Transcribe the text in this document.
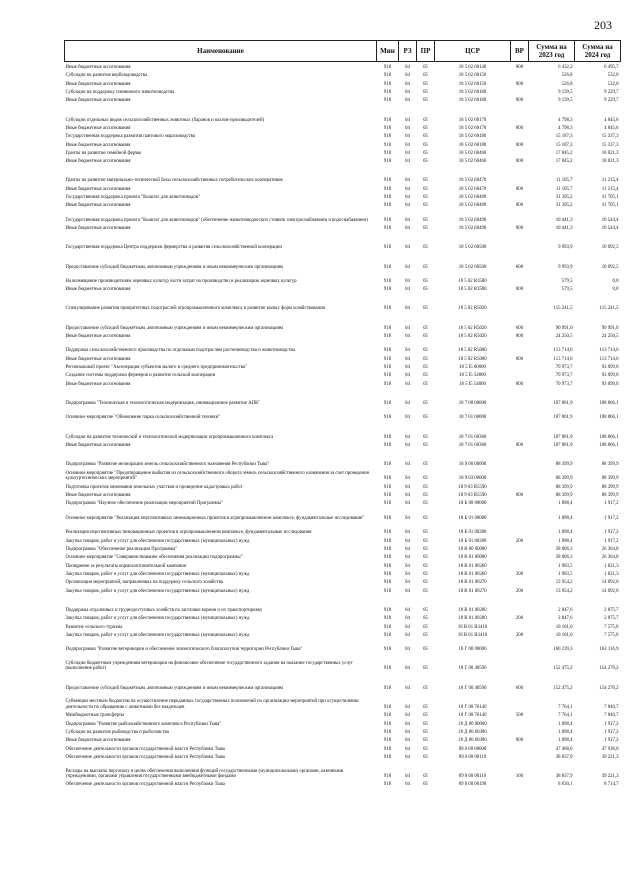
203
Наименование	Мин	РЗ	ПР	ЦСР	ВР	Сумма на 2023 год	Сумма на 2024 год
Иные бюджетные ассигнования	918	04	05	18 5 02 60140	800	6 432,2	6 495,7
Субсидии на развитие верблюдоводства	918	04	05	18 5 02 60150		526,8	532,0
Иные бюджетные ассигнования	918	04	05	18 5 02 60150	800	526,8	532,0
Субсидии на поддержку племенного животноводства	918	04	05	18 5 02 60160		9 139,5	9 229,7
Иные бюджетные ассигнования	918	04	05	18 5 02 60160	800	9 139,5	9 229,7
Субсидии отдельных видов сельскохозяйственных животных (баранов и козлов-производителей)	918	04	05	18 5 02 60170		4 798,3	4 845,6
Иные бюджетные ассигнования	918	04	05	18 5 02 60170	800	4 798,3	4 845,6
Государственная поддержка развития пантового мараловодства	918	04	05	18 5 02 60180		15 187,3	15 337,3
Иные бюджетные ассигнования	918	04	05	18 5 02 60180	800	15 187,3	15 337,3
Гранты на развитие семейной фермы	918	04	05	18 5 02 60460		17 845,2	18 021,3
Иные бюджетные ассигнования	918	04	05	18 5 02 60460	800	17 845,2	18 021,3
Гранты на развитие материально-технической базы сельскохозяйственных потребительских кооперативов	918	04	05	18 5 02 60470		11 105,7	11 215,4
Иные бюджетные ассигнования	918	04	05	18 5 02 60470	800	11 105,7	11 215,4
Государственная поддержка проекта "Кыштаг для животноводов"	918	04	05	18 5 02 60480		31 395,2	31 705,1
Иные бюджетные ассигнования	918	04	05	18 5 02 60480	800	31 395,2	31 705,1
Государственная поддержка проекта "Кыштаг для животноводов" (обеспечение животноводческих стоянок электроснабжением и водоснабжением)	918	04	05	18 5 02 60490		10 441,3	10 544,4
Иные бюджетные ассигнования	918	04	05	18 5 02 60490	800	10 441,3	10 544,4
Государственная поддержка Центра поддержки фермерства и развития сельскохозяйственной кооперации	918	04	05	18 5 02 60500		9 993,9	10 092,5
Предоставление субсидий бюджетным, автономным учреждениям и иным некоммерческим организациям	918	04	05	18 5 02 60500	600	9 993,9	10 092,5
На возмещение производителям зерновых культур части затрат на производство и реализацию зерновых культур	918	04	05	18 5 02 R3580		579,5	0,0
Иные бюджетные ассигнования	918	04	05	18 5 02 R3580	800	579,5	0,0
Стимулирование развития приоритетных подотраслей агропромышленного комплекса и развитие малых форм хозяйствования	918	04	05	18 5 02 R5020		115 241,5	115 241,5
Предоставление субсидий бюджетным, автономным учреждениям и иным некоммерческим организациям	918	04	05	18 5 02 R5020	600	90 991,0	90 991,0
Иные бюджетные ассигнования	918	04	05	18 5 02 R5020	800	24 250,5	24 250,5
Поддержка сельскохозяйственного производства по отдельным подотраслям растениеводства и животноводства	918	04	05	18 5 02 R5080		113 714,6	113 714,6
Иные бюджетные ассигнования	918	04	05	18 5 02 R5080	800	113 714,6	113 714,6
Региональный проект "Акселерация субъектов малого и среднего предпринимательства"	918	04	05	18 5 I5 00000		70 973,7	93 099,0
Создание системы поддержки фермеров и развитие сельской кооперации	918	04	05	18 5 I5 54800		70 973,7	93 099,0
Иные бюджетные ассигнования	918	04	05	18 5 I5 54800	800	70 973,7	93 099,0
Подпрограмма "Техническая и технологическая модернизация, инновационное развитие АПК"	918	04	05	18 7 00 00000		107 801,9	108 866,1
Основное мероприятие "Обновление парка сельскохозяйственной техники"	918	04	05	18 7 01 00000		107 801,9	108 866,1
Субсидии на развитие технической и технологической модернизации агропромышленного комплекса	918	04	05	18 7 01 60360		107 801,9	108 866,1
Иные бюджетные ассигнования	918	04	05	18 7 01 60360	800	107 801,9	108 866,1
Подпрограмма "Развитие мелиорации земель сельскохозяйственного назначения Республики Тыва"	918	04	05	18 9 00 00000		88 399,9	88 399,9
Основное мероприятие "Предотвращение выбытия из сельскохозяйственного оборота земель сельскохозяйственного назначения за счет проведения культуртехнических мероприятий"	918	04	05	18 9 03 00000		88 399,9	88 399,9
Подготовка проектов межевания земельных участков и проведение кадастровых работ	918	04	05	18 9 03 R5590		88 399,9	88 399,9
Иные бюджетные ассигнования	918	04	05	18 9 03 R5590	800	88 399,9	88 399,9
Подпрограмма "Научное обеспечение реализации мероприятий Программы"	918	04	05	18 Б 00 00000		1 898,4	1 917,2
Основное мероприятие "Реализация перспективных инновационных проектов в агропромышленном комплексе, фундаментальные исследования"	918	04	05	18 Б 01 00000		1 898,4	1 917,2
Реализация перспективных инновационных проектов в агропромышленном комплексе, фундаментальные исследования	918	04	05	18 Б 01 00280		1 898,4	1 917,2
Закупка товаров, работ и услуг для обеспечения государственных (муниципальных) нужд	918	04	05	18 Б 01 00280	200	1 898,4	1 917,2
Подпрограмма "Обеспечение реализации Программы"	918	04	05	18 В 00 00000		28 806,3	26 364,8
Основное мероприятие "Совершенствование обеспечения реализации подпрограммы"	918	04	05	18 В 01 00000		28 806,3	26 364,8
Поощрение за результаты кормозаготовительной кампании	918	04	05	18 В 01 00260		1 903,5	1 821,3
Закупка товаров, работ и услуг для обеспечения государственных (муниципальных) нужд	918	04	05	18 В 01 00260	200	1 903,5	1 821,3
Организация мероприятий, направленных на поддержку сельского хозяйства	918	04	05	18 В 01 00270		13 954,2	14 092,0
Закупка товаров, работ и услуг для обеспечения государственных (муниципальных) нужд	918	04	05	18 В 01 00270	200	13 954,2	14 092,0
Поддержка отдаленных и труднодоступных хозяйств по заготовке кормов и их транспортировку	918	04	05	18 В 01 00280		2 847,6	2 875,7
Закупка товаров, работ и услуг для обеспечения государственных (муниципальных) нужд	918	04	05	18 В 01 00280	200	2 847,6	2 875,7
Развитие сельского туризма	918	04	05	18 В 01 R3410		10 101,0	7 575,8
Закупка товаров, работ и услуг для обеспечения государственных (муниципальных) нужд	918	04	05	18 В 01 R3410	200	10 101,0	7 575,8
Подпрограмма "Развитие ветеринарии и обеспечение эпизоотического благополучия территории Республики Тыва"	918	04	05	18 Г 00 00000		160 239,3	162 116,9
Субсидии бюджетным учреждениям ветеринарии на финансовое обеспечение государственного задания на оказание государственных услуг (выполнение работ)	918	04	05	18 Г 00 40590		152 475,2	154 276,2
Предоставление субсидий бюджетным, автономным учреждениям и иным некоммерческим организациям	918	04	05	18 Г 00 40590	600	152 475,2	154 276,2
Субвенции местным бюджетам на осуществление переданных государственных полномочий по организации мероприятий при осуществлении деятельности по обращению с животными без владельцев	918	04	05	18 Г 00 76140		7 764,1	7 840,7
Межбюджетные трансферты	918	04	05	18 Г 00 76140	500	7 764,1	7 840,7
Подпрограмма "Развитие рыбохозяйственного комплекса Республики Тыва"	918	04	05	18 Д 00 00000		1 898,4	1 917,2
Субсидии на развитие рыбоводства и рыболовства	918	04	05	18 Д 00 60380		1 898,4	1 917,2
Иные бюджетные ассигнования	918	04	05	18 Д 00 60380	800	1 898,4	1 917,2
Обеспечение деятельности органов государственной власти Республики Тыва	918	04	05	89 0 00 00000		47 468,0	47 936,0
Обеспечение деятельности органов государственной власти Республики Тыва	918	04	05	89 0 00 00110		38 837,9	39 221,3
Расходы на выплаты персоналу в целях обеспечения выполнения функций государственными (муниципальными) органами, казенными учреждениями, органами управления государственными внебюджетными фондами	918	04	05	89 0 00 00110	100	38 837,9	39 221,3
Обеспечение деятельности органов государственной власти Республики Тыва	918	04	05	89 0 00 00190		8 630,1	8 714,7
